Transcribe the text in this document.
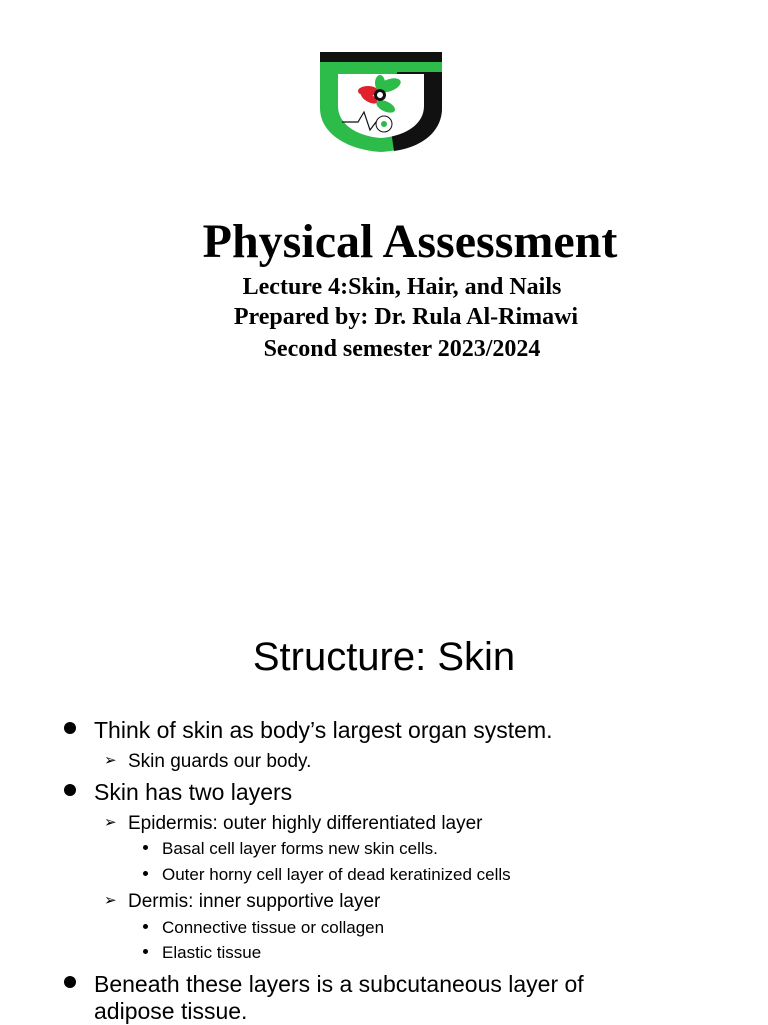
Physical Assessment
Lecture 4:Skin, Hair, and Nails
Prepared by: Dr. Rula Al-Rimawi
Second semester 2023/2024
Structure: Skin
Think of skin as body’s largest organ system.
➢ Skin guards our body.
Skin has two layers
➢ Epidermis: outer highly differentiated layer
Basal cell layer forms new skin cells.
Outer horny cell layer of dead keratinized cells
➢ Dermis: inner supportive layer
Connective tissue or collagen
Elastic tissue
Beneath these layers is a subcutaneous layer of
adipose tissue.
